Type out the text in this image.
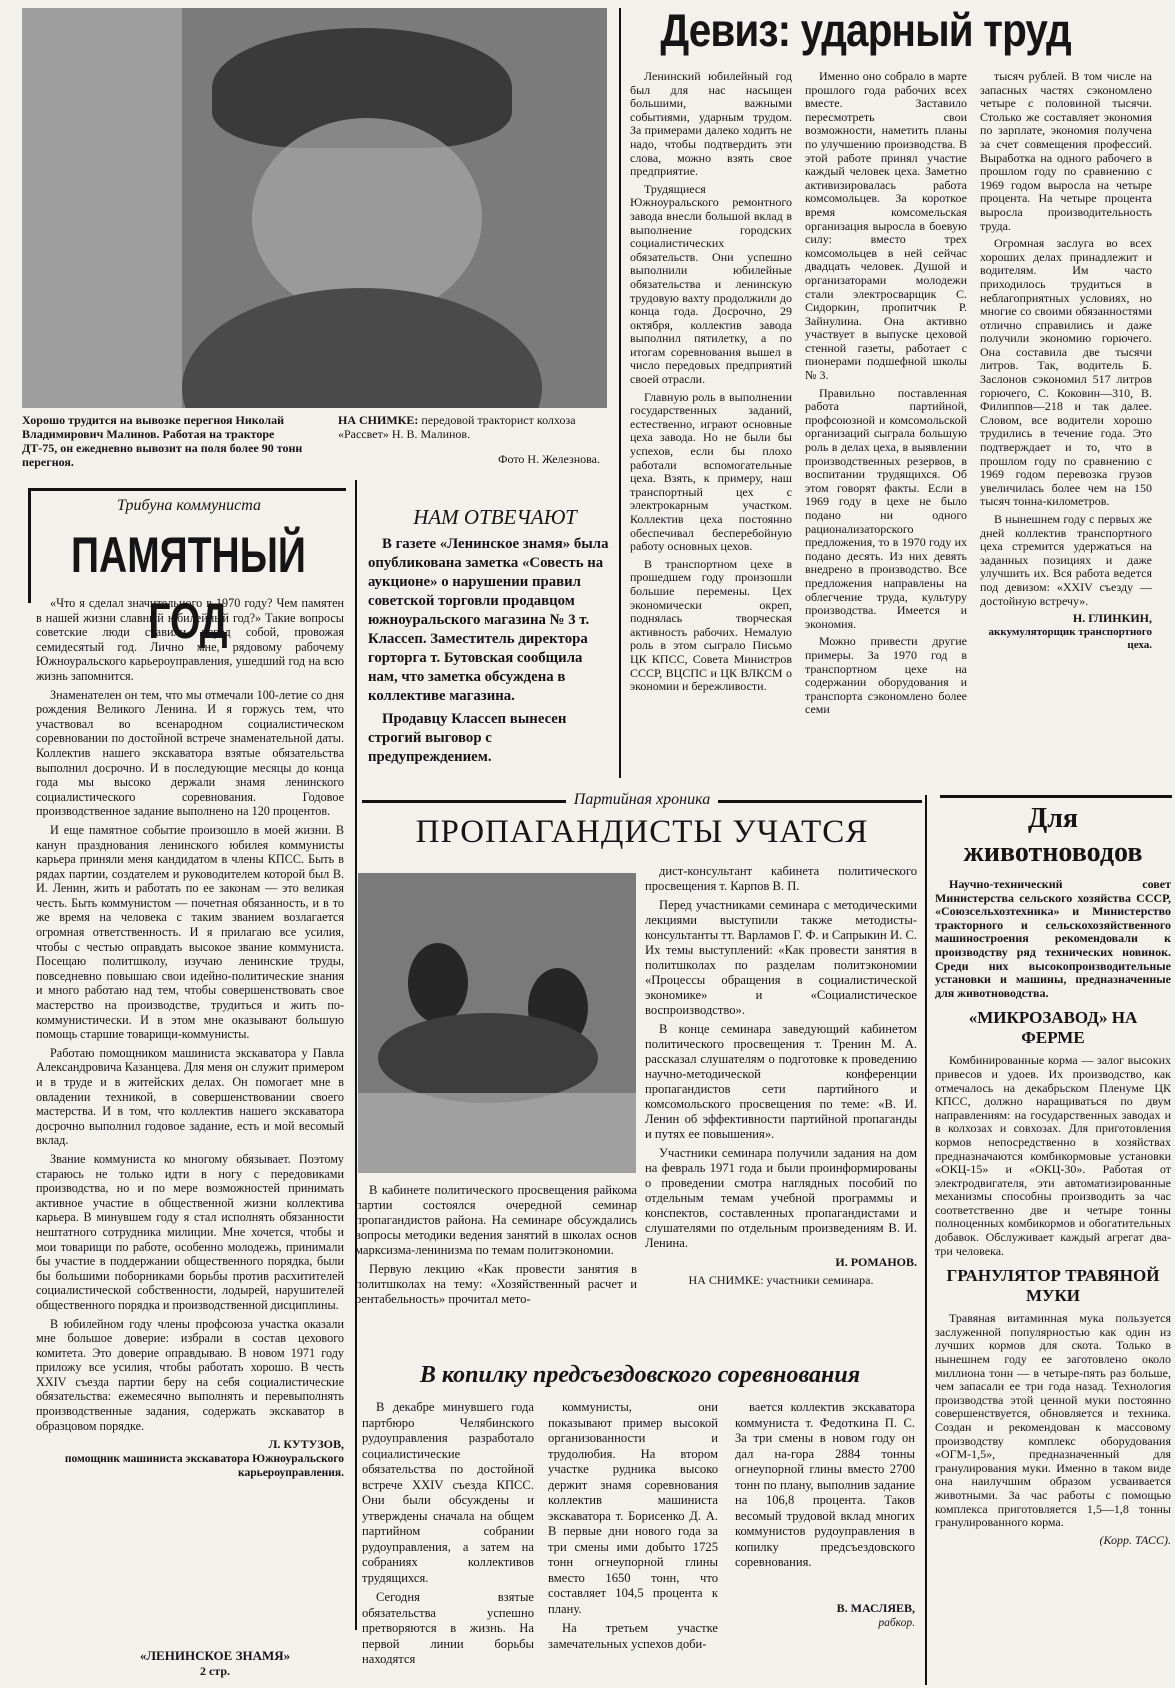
Хорошо трудится на вывозке перегноя Николай Владимирович Малинов. Работая на тракторе ДТ-75, он ежедневно вывозит на поля более 90 тонн перегноя.
НА СНИМКЕ: передовой тракторист колхоза «Рассвет» Н. В. Малинов.
Фото Н. Железнова.
Девиз: ударный труд

Ленинский юбилейный год был для нас насыщен большими, важными событиями, ударным трудом. За примерами далеко ходить не надо, чтобы подтвердить эти слова, можно взять свое предприятие.

Трудящиеся Южноуральского ремонтного завода внесли большой вклад в выполнение городских социалистических обязательств. Они успешно выполнили юбилейные обязательства и ленинскую трудовую вахту продолжили до конца года. Досрочно, 29 октября, коллектив завода выполнил пятилетку, а по итогам соревнования вышел в число передовых предприятий своей отрасли.

Главную роль в выполнении государственных заданий, естественно, играют основные цеха завода. Но не были бы успехов, если бы плохо работали вспомогательные цеха. Взять, к примеру, наш транспортный цех с электрокарным участком. Коллектив цеха постоянно обеспечивал бесперебойную работу основных цехов.

В транспортном цехе в прошедшем году произошли большие перемены. Цех экономически окреп, поднялась творческая активность рабочих. Немалую роль в этом сыграло Письмо ЦК КПСС, Совета Министров СССР, ВЦСПС и ЦК ВЛКСМ о экономии и бережливости.

Именно оно собрало в марте прошлого года рабочих всех вместе. Заставило пересмотреть свои возможности, наметить планы по улучшению производства. В этой работе принял участие каждый человек цеха. Заметно активизировалась работа комсомольцев. За короткое время комсомельская организация выросла в боевую силу: вместо трех комсомольцев в ней сейчас двадцать человек. Душой и организаторами молодежи стали электросварщик С. Сидоркин, пропитчик Р. Зайнулина. Она активно участвует в выпуске цеховой стенной газеты, работает с пионерами подшефной школы № 3.

Правильно поставленная работа партийной, профсоюзной и комсомольской организаций сыграла большую роль в делах цеха, в выявлении производственных резервов, в воспитании трудящихся. Об этом говорят факты. Если в 1969 году в цехе не было подано ни одного рационализаторского предложения, то в 1970 году их подано десять. Из них девять внедрено в производство. Все предложения направлены на облегчение труда, культуру производства. Имеется и экономия.

Можно привести другие примеры. За 1970 год в транспортном цехе на содержании оборудования и транспорта сэкономлено более семи

тысяч рублей. В том числе на запасных частях сэкономлено четыре с половиной тысячи. Столько же составляет экономия по зарплате, экономия получена за счет совмещения профессий. Выработка на одного рабочего в прошлом году по сравнению с 1969 годом выросла на четыре процента. На четыре процента выросла производительность труда.

Огромная заслуга во всех хороших делах принадлежит и водителям. Им часто приходилось трудиться в неблагоприятных условиях, но многие со своими обязанностями отлично справились и даже получили экономию горючего. Она составила две тысячи литров. Так, водитель Б. Заслонов сэкономил 517 литров горючего, С. Коковин—310, В. Филиппов—218 и так далее. Словом, все водители хорошо трудились в течение года. Это подтверждает и то, что в прошлом году по сравнению с 1969 годом перевозка грузов увеличилась более чем на 150 тысяч тонна-километров.

В нынешнем году с первых же дней коллектив транспортного цеха стремится удержаться на заданных позициях и даже улучшить их. Вся работа ведется под девизом: «XXIV съезду — достойную встречу».

Н. ГЛИНКИН,
аккумуляторщик транспортного цеха.
Трибуна коммуниста
ПАМЯТНЫЙ ГОД

«Что я сделал значительного в 1970 году? Чем памятен в нашей жизни славный юбилейный год?» Такие вопросы советские люди ставили перед собой, провожая семидесятый год. Лично мне, рядовому рабочему Южноуральского карьероуправления, ушедший год на всю жизнь запомнится.

Знаменателен он тем, что мы отмечали 100-летие со дня рождения Великого Ленина. И я горжусь тем, что участвовал во всенародном социалистическом соревновании по достойной встрече знаменательной даты. Коллектив нашего экскаватора взятые обязательства выполнил досрочно. И в последующие месяцы до конца года мы высоко держали знамя ленинского социалистического соревнования. Годовое производственное задание выполнено на 120 процентов.

И еще памятное событие произошло в моей жизни. В канун празднования ленинского юбилея коммунисты карьера приняли меня кандидатом в члены КПСС. Быть в рядах партии, создателем и руководителем которой был В. И. Ленин, жить и работать по ее законам — это великая честь. Быть коммунистом — почетная обязанность, и в то же время на человека с таким званием возлагается огромная ответственность. И я прилагаю все усилия, чтобы с честью оправдать высокое звание коммуниста. Посещаю политшколу, изучаю ленинские труды, повседневно повышаю свои идейно-политические знания и много работаю над тем, чтобы совершенствовать свое мастерство на производстве, трудиться и жить по-коммунистически. И в этом мне оказывают большую помощь старшие товарищи-коммунисты.

Работаю помощником машиниста экскаватора у Павла Александровича Казанцева. Для меня он служит примером и в труде и в житейских делах. Он помогает мне в овладении техникой, в совершенствовании своего мастерства. И в том, что коллектив нашего экскаватора досрочно выполнил годовое задание, есть и мой весомый вклад.

Звание коммуниста ко многому обязывает. Поэтому стараюсь не только идти в ногу с передовиками производства, но и по мере возможностей принимать активное участие в общественной жизни коллектива карьера. В минувшем году я стал исполнять обязанности нештатного сотрудника милиции. Мне хочется, чтобы и мои товарищи по работе, особенно молодежь, принимали бы участие в поддержании общественного порядка, были бы большими поборниками борьбы против расхитителей социалистической собственности, лодырей, нарушителей общественного порядка и производственной дисциплины.

В юбилейном году члены профсоюза участка оказали мне большое доверие: избрали в состав цехового комитета. Это доверие оправдываю. В новом 1971 году приложу все усилия, чтобы работать хорошо. В честь XXIV съезда партии беру на себя социалистические обязательства: ежемесячно выполнять и перевыполнять производственные задания, содержать экскаватор в образцовом порядке.

Л. КУТУЗОВ,
помощник машиниста экскаватора Южноуральского карьероуправления.
НАМ ОТВЕЧАЮТ
В газете «Ленинское знамя» была опубликована заметка «Совесть на аукционе» о нарушении правил советской торговли продавцом южноуральского магазина № 3 т. Классеп. Заместитель директора горторга т. Бутовская сообщила нам, что заметка обсуждена в коллективе магазина.
Продавцу Классеп вынесен строгий выговор с предупреждением.
Партийная хроника
ПРОПАГАНДИСТЫ УЧАТСЯ

В кабинете политического просвещения райкома партии состоялся очередной семинар пропагандистов района. На семинаре обсуждались вопросы методики ведения занятий в школах основ марксизма-ленинизма по темам политэкономии.

Первую лекцию «Как провести занятия в политшколах на тему: «Хозяйственный расчет и рентабельность» прочитал мето-

дист-консультант кабинета политического просвещения т. Карпов В. П.

Перед участниками семинара с методическими лекциями выступили также методисты-консультанты тт. Варламов Г. Ф. и Сапрыкин И. С. Их темы выступлений: «Как провести занятия в политшколах по разделам политэкономии «Процессы обращения в социалистической экономике» и «Социалистическое воспроизводство».

В конце семинара заведующий кабинетом политического просвещения т. Тренин М. А. рассказал слушателям о подготовке к проведению научно-методической конференции пропагандистов сети партийного и комсомольского просвещения по теме: «В. И. Ленин об эффективности партийной пропаганды и путях ее повышения».

Участники семинара получили задания на дом на февраль 1971 года и были проинформированы о проведении смотра наглядных пособий по отдельным темам учебной программы и конспектов, составленных пропагандистами и слушателями по отдельным произведениям В. И. Ленина.

И. РОМАНОВ.
НА СНИМКЕ: участники семинара.
Для животноводов

Научно-технический совет Министерства сельского хозяйства СССР, «Союзсельхозтехника» и Министерство тракторного и сельскохозяйственного машиностроения рекомендовали к производству ряд технических новинок. Среди них высокопроизводительные установки и машины, предназначенные для животноводства.

«МИКРОЗАВОД» НА ФЕРМЕ

Комбинированные корма — залог высоких привесов и удоев. Их производство, как отмечалось на декабрьском Пленуме ЦК КПСС, должно наращиваться по двум направлениям: на государственных заводах и в колхозах и совхозах. Для приготовления кормов непосредственно в хозяйствах предназначаются комбикормовые установки «ОКЦ-15» и «ОКЦ-30». Работая от электродвигателя, эти автоматизированные механизмы способны производить за час соответственно две и четыре тонны полноценных комбикормов и обогатительных добавок. Обслуживает каждый агрегат два-три человека.

ГРАНУЛЯТОР ТРАВЯНОЙ МУКИ

Травяная витаминная мука пользуется заслуженной популярностью как один из лучших кормов для скота. Только в нынешнем году ее заготовлено около миллиона тонн — в четыре-пять раз больше, чем запасали ее три года назад. Технология производства этой ценной муки постоянно совершенствуется, обновляется и техника. Создан и рекомендован к массовому производству комплекс оборудования «ОГМ-1,5», предназначенный для гранулирования муки. Именно в таком виде она наилучшим образом усваивается животными. За час работы с помощью комплекса приготовляется 1,5—1,8 тонны гранулированного корма.

(Корр. ТАСС).
В копилку предсъездовского соревнования

В декабре минувшего года партбюро Челябинского рудоуправления разработало социалистические обязательства по достойной встрече XXIV съезда КПСС. Они были обсуждены и утверждены сначала на общем партийном собрании рудоуправления, а затем на собраниях коллективов трудящихся.

Сегодня взятые обязательства успешно претворяются в жизнь. На первой линии борьбы находятся

коммунисты, они показывают пример высокой организованности и трудолюбия. На втором участке рудника высоко держит знамя соревнования коллектив машиниста экскаватора т. Борисенко Д. А. В первые дни нового года за три смены ими добыто 1725 тонн огнеупорной глины вместо 1650 тонн, что составляет 104,5 процента к плану.

На третьем участке замечательных успехов доби-

вается коллектив экскаватора коммуниста т. Федоткина П. С. За три смены в новом году он дал на-гора 2884 тонны огнеупорной глины вместо 2700 тонн по плану, выполнив задание на 106,8 процента. Таков весомый трудовой вклад многих коммунистов рудоуправления в копилку предсъездовского соревнования.

В. МАСЛЯЕВ,
рабкор.
«ЛЕНИНСКОЕ ЗНАМЯ»
2 стр.
